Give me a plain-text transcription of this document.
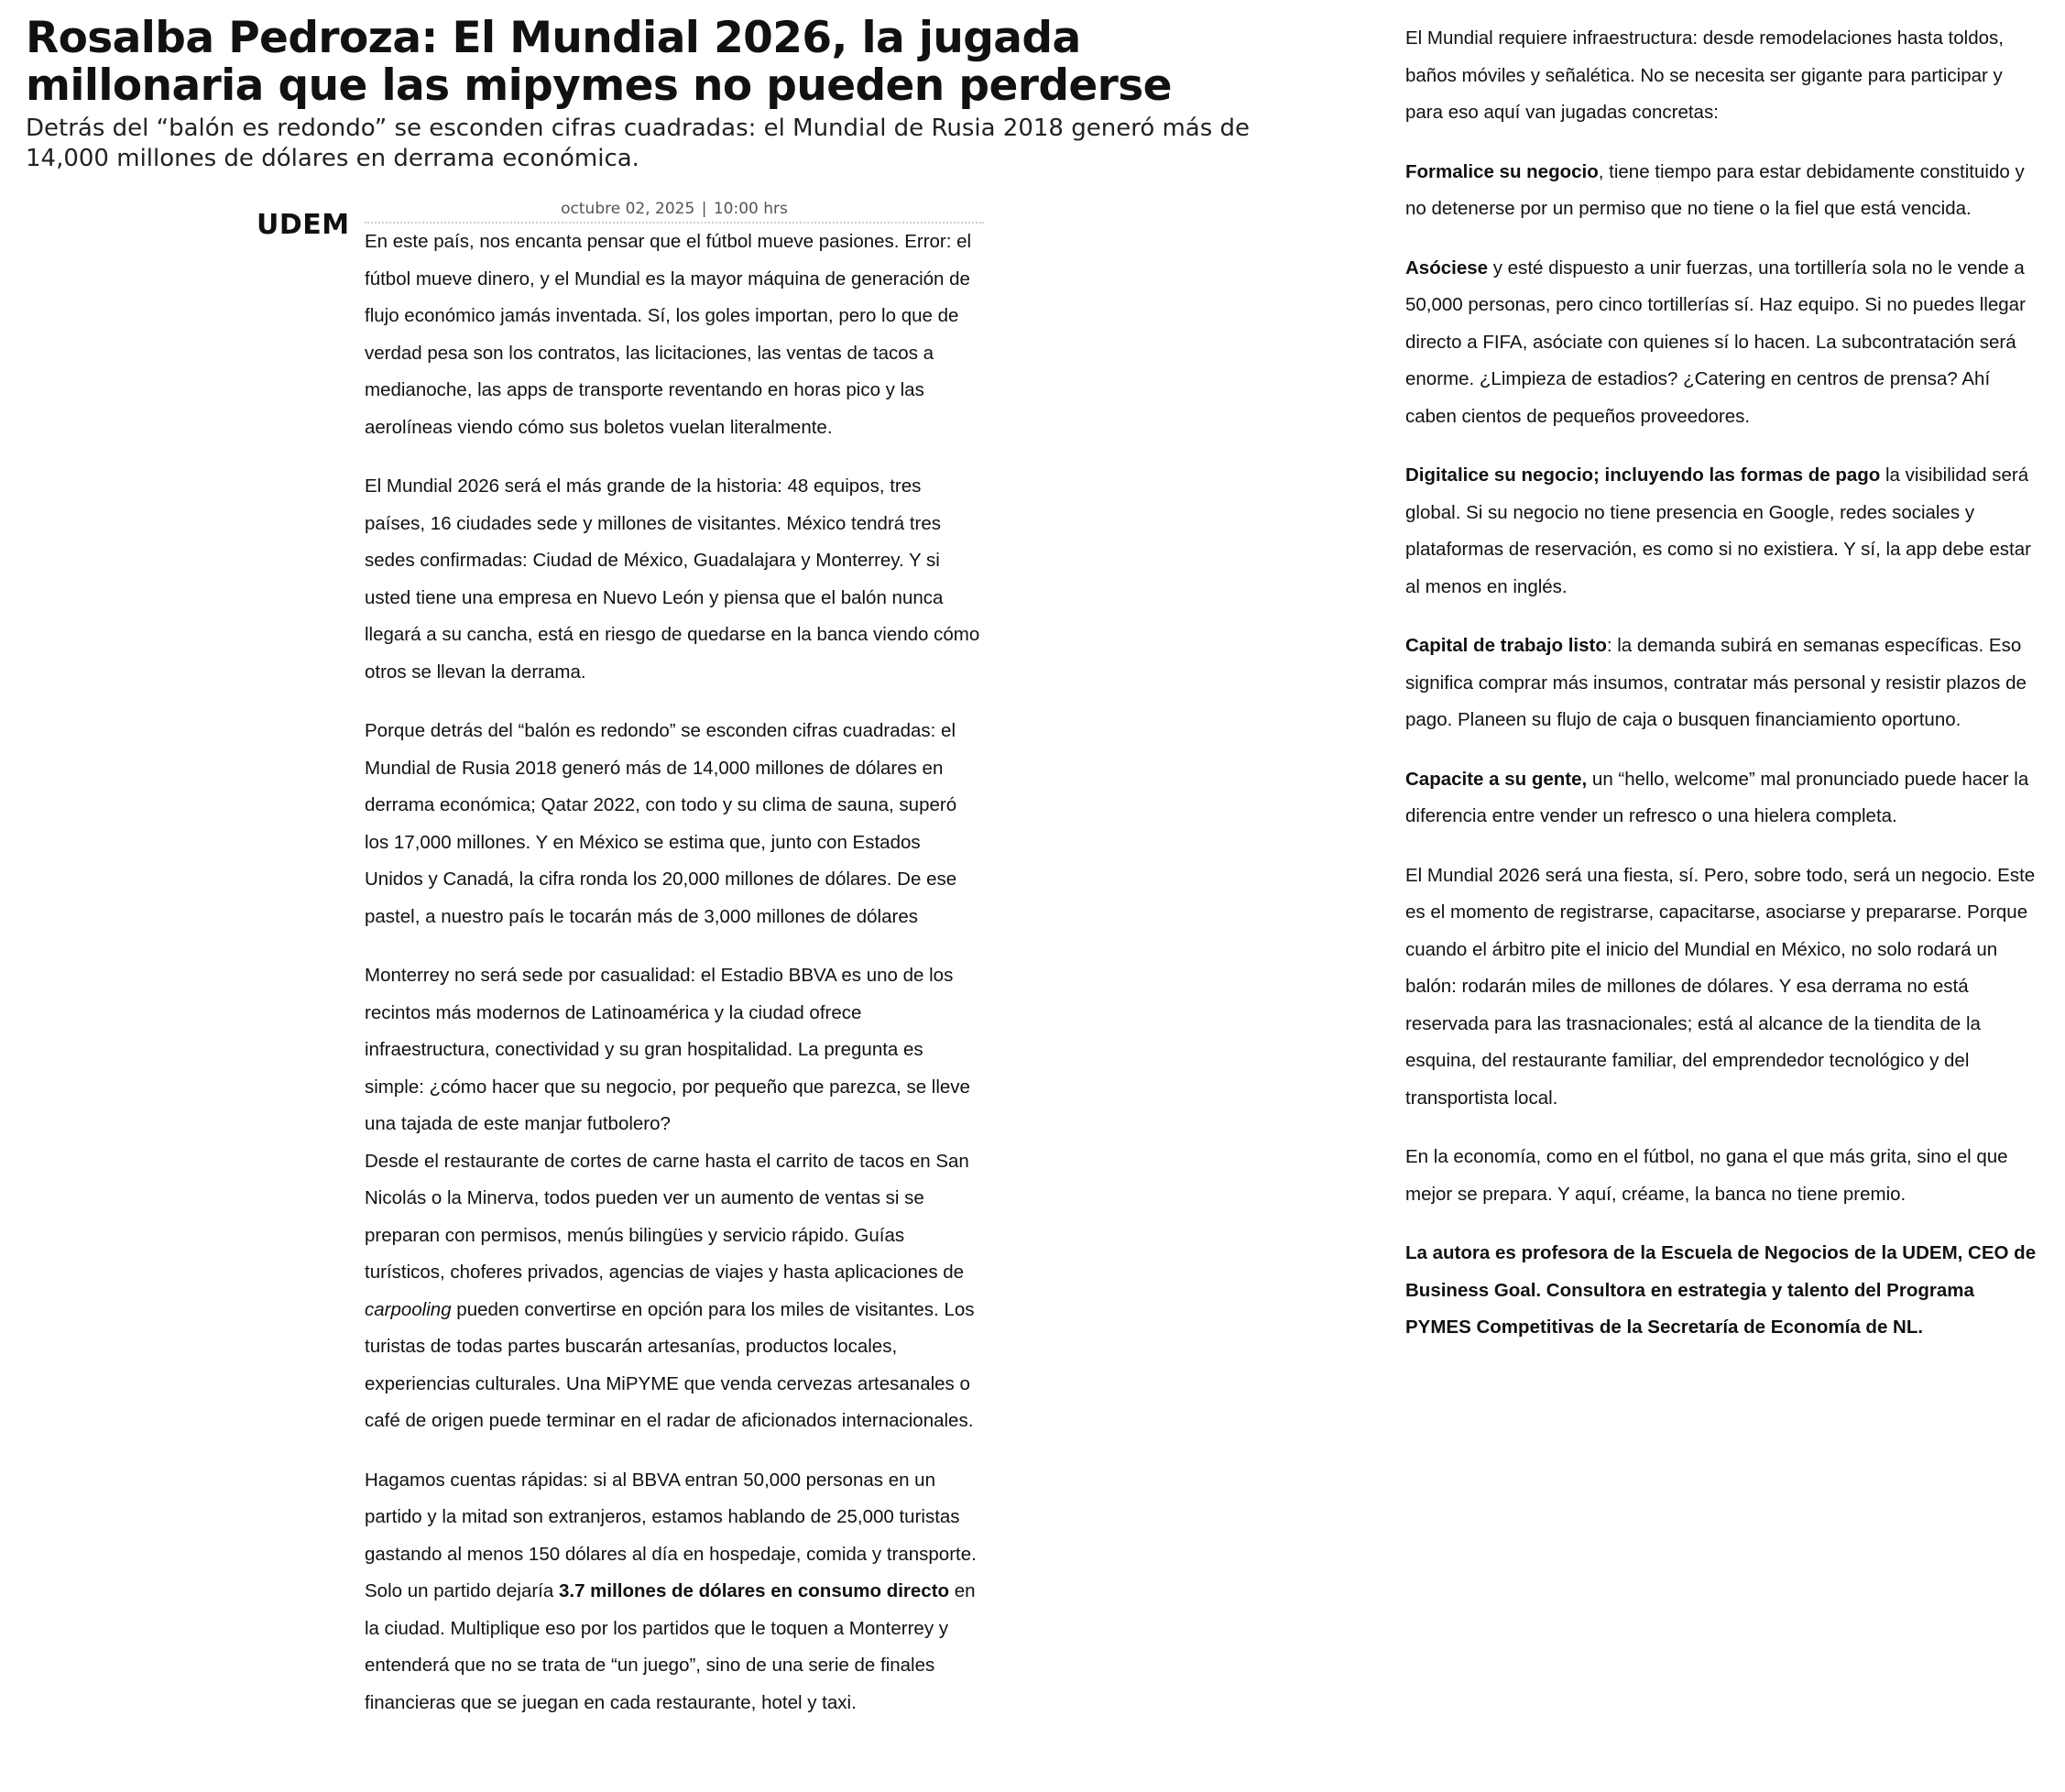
Rosalba Pedroza: El Mundial 2026, la jugada millonaria que las mipymes no pueden perderse

Detrás del “balón es redondo” se esconden cifras cuadradas: el Mundial de Rusia 2018 generó más de 14,000 millones de dólares en derrama económica.

UDEM	octubre 02, 2025 | 10:00 hrs

En este país, nos encanta pensar que el fútbol mueve pasiones. Error: el fútbol mueve dinero, y el Mundial es la mayor máquina de generación de flujo económico jamás inventada. Sí, los goles importan, pero lo que de verdad pesa son los contratos, las licitaciones, las ventas de tacos a medianoche, las apps de transporte reventando en horas pico y las aerolíneas viendo cómo sus boletos vuelan literalmente.

El Mundial 2026 será el más grande de la historia: 48 equipos, tres países, 16 ciudades sede y millones de visitantes. México tendrá tres sedes confirmadas: Ciudad de México, Guadalajara y Monterrey. Y si usted tiene una empresa en Nuevo León y piensa que el balón nunca llegará a su cancha, está en riesgo de quedarse en la banca viendo cómo otros se llevan la derrama.

Porque detrás del “balón es redondo” se esconden cifras cuadradas: el Mundial de Rusia 2018 generó más de 14,000 millones de dólares en derrama económica; Qatar 2022, con todo y su clima de sauna, superó los 17,000 millones. Y en México se estima que, junto con Estados Unidos y Canadá, la cifra ronda los 20,000 millones de dólares. De ese pastel, a nuestro país le tocarán más de 3,000 millones de dólares

Monterrey no será sede por casualidad: el Estadio BBVA es uno de los recintos más modernos de Latinoamérica y la ciudad ofrece infraestructura, conectividad y su gran hospitalidad. La pregunta es simple: ¿cómo hacer que su negocio, por pequeño que parezca, se lleve una tajada de este manjar futbolero?

Desde el restaurante de cortes de carne hasta el carrito de tacos en San Nicolás o la Minerva, todos pueden ver un aumento de ventas si se preparan con permisos, menús bilingües y servicio rápido. Guías turísticos, choferes privados, agencias de viajes y hasta aplicaciones de carpooling pueden convertirse en opción para los miles de visitantes. Los turistas de todas partes buscarán artesanías, productos locales, experiencias culturales. Una MiPYME que venda cervezas artesanales o café de origen puede terminar en el radar de aficionados internacionales.

Hagamos cuentas rápidas: si al BBVA entran 50,000 personas en un partido y la mitad son extranjeros, estamos hablando de 25,000 turistas gastando al menos 150 dólares al día en hospedaje, comida y transporte. Solo un partido dejaría 3.7 millones de dólares en consumo directo en la ciudad. Multiplique eso por los partidos que le toquen a Monterrey y entenderá que no se trata de “un juego”, sino de una serie de finales financieras que se juegan en cada restaurante, hotel y taxi.

El Mundial requiere infraestructura: desde remodelaciones hasta toldos, baños móviles y señalética. No se necesita ser gigante para participar y para eso aquí van jugadas concretas:

Formalice su negocio, tiene tiempo para estar debidamente constituido y no detenerse por un permiso que no tiene o la fiel que está vencida.

Asóciese y esté dispuesto a unir fuerzas, una tortillería sola no le vende a 50,000 personas, pero cinco tortillerías sí. Haz equipo. Si no puedes llegar directo a FIFA, asóciate con quienes sí lo hacen. La subcontratación será enorme. ¿Limpieza de estadios? ¿Catering en centros de prensa? Ahí caben cientos de pequeños proveedores.

Digitalice su negocio; incluyendo las formas de pago la visibilidad será global. Si su negocio no tiene presencia en Google, redes sociales y plataformas de reservación, es como si no existiera. Y sí, la app debe estar al menos en inglés.

Capital de trabajo listo: la demanda subirá en semanas específicas. Eso significa comprar más insumos, contratar más personal y resistir plazos de pago. Planeen su flujo de caja o busquen financiamiento oportuno.

Capacite a su gente, un “hello, welcome” mal pronunciado puede hacer la diferencia entre vender un refresco o una hielera completa.

El Mundial 2026 será una fiesta, sí. Pero, sobre todo, será un negocio. Este es el momento de registrarse, capacitarse, asociarse y prepararse. Porque cuando el árbitro pite el inicio del Mundial en México, no solo rodará un balón: rodarán miles de millones de dólares. Y esa derrama no está reservada para las trasnacionales; está al alcance de la tiendita de la esquina, del restaurante familiar, del emprendedor tecnológico y del transportista local.

En la economía, como en el fútbol, no gana el que más grita, sino el que mejor se prepara. Y aquí, créame, la banca no tiene premio.

La autora es profesora de la Escuela de Negocios de la UDEM, CEO de Business Goal. Consultora en estrategia y talento del Programa PYMES Competitivas de la Secretaría de Economía de NL.
